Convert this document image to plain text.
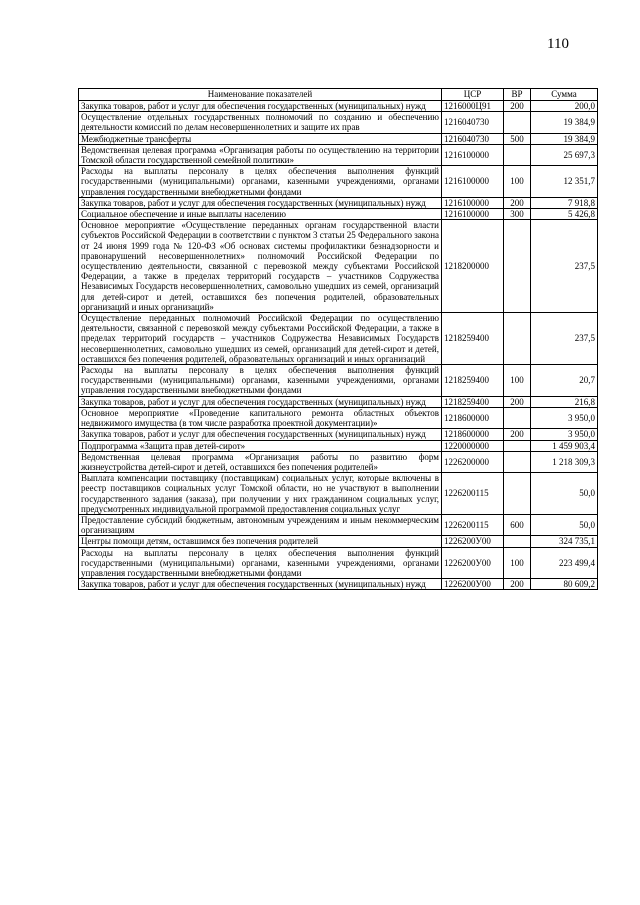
110
Наименование показателей	ЦСР	ВР	Сумма
Закупка товаров, работ и услуг для обеспечения государственных (муниципальных) нужд	1216000Ц91	200	200,0
Осуществление отдельных государственных полномочий по созданию и обеспечению деятельности комиссий по делам несовершеннолетних и защите их прав	1216040730		19 384,9
Межбюджетные трансферты	1216040730	500	19 384,9
Ведомственная целевая программа «Организация работы по осуществлению на территории Томской области государственной семейной политики»	1216100000		25 697,3
Расходы на выплаты персоналу в целях обеспечения выполнения функций государственными (муниципальными) органами, казенными учреждениями, органами управления государственными внебюджетными фондами	1216100000	100	12 351,7
Закупка товаров, работ и услуг для обеспечения государственных (муниципальных) нужд	1216100000	200	7 918,8
Социальное обеспечение и иные выплаты населению	1216100000	300	5 426,8
Основное мероприятие «Осуществление переданных органам государственной власти субъектов Российской Федерации в соответствии с пунктом 3 статьи 25 Федерального закона от 24 июня 1999 года № 120-ФЗ «Об основах системы профилактики безнадзорности и правонарушений несовершеннолетних» полномочий Российской Федерации по осуществлению деятельности, связанной с перевозкой между субъектами Российской Федерации, а также в пределах территорий государств – участников Содружества Независимых Государств несовершеннолетних, самовольно ушедших из семей, организаций для детей-сирот и детей, оставшихся без попечения родителей, образовательных организаций и иных организаций»	1218200000		237,5
Осуществление переданных полномочий Российской Федерации по осуществлению деятельности, связанной с перевозкой между субъектами Российской Федерации, а также в пределах территорий государств – участников Содружества Независимых Государств несовершеннолетних, самовольно ушедших из семей, организаций для детей-сирот и детей, оставшихся без попечения родителей, образовательных организаций и иных организаций	1218259400		237,5
Расходы на выплаты персоналу в целях обеспечения выполнения функций государственными (муниципальными) органами, казенными учреждениями, органами управления государственными внебюджетными фондами	1218259400	100	20,7
Закупка товаров, работ и услуг для обеспечения государственных (муниципальных) нужд	1218259400	200	216,8
Основное мероприятие «Проведение капитального ремонта областных объектов недвижимого имущества (в том числе разработка проектной документации)»	1218600000		3 950,0
Закупка товаров, работ и услуг для обеспечения государственных (муниципальных) нужд	1218600000	200	3 950,0
Подпрограмма «Защита прав детей-сирот»	1220000000		1 459 903,4
Ведомственная целевая программа «Организация работы по развитию форм жизнеустройства детей-сирот и детей, оставшихся без попечения родителей»	1226200000		1 218 309,3
Выплата компенсации поставщику (поставщикам) социальных услуг, которые включены в реестр поставщиков социальных услуг Томской области, но не участвуют в выполнении государственного задания (заказа), при получении у них гражданином социальных услуг, предусмотренных индивидуальной программой предоставления социальных услуг	1226200115		50,0
Предоставление субсидий бюджетным, автономным учреждениям и иным некоммерческим организациям	1226200115	600	50,0
Центры помощи детям, оставшимся без попечения родителей	1226200У00		324 735,1
Расходы на выплаты персоналу в целях обеспечения выполнения функций государственными (муниципальными) органами, казенными учреждениями, органами управления государственными внебюджетными фондами	1226200У00	100	223 499,4
Закупка товаров, работ и услуг для обеспечения государственных (муниципальных) нужд	1226200У00	200	80 609,2
